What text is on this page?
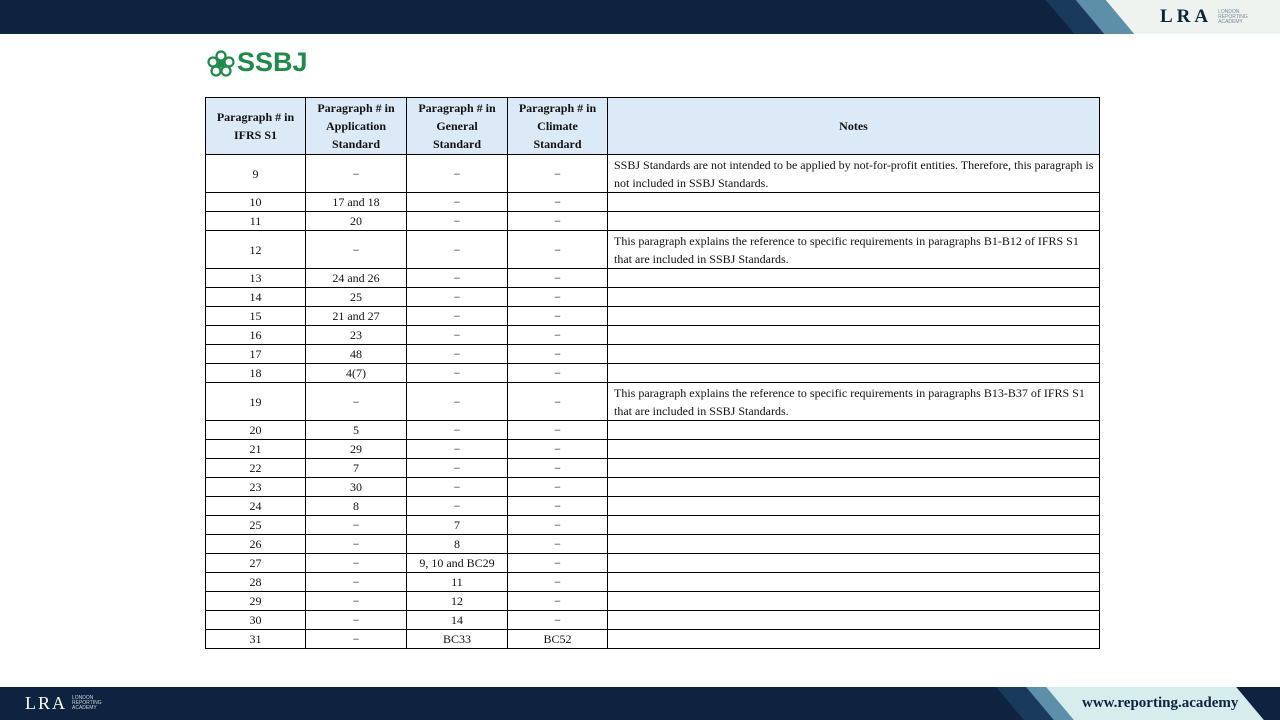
LRA LONDON REPORTING ACADEMY
SSBJ
Paragraph # in IFRS S1	Paragraph # in Application Standard	Paragraph # in General Standard	Paragraph # in Climate Standard	Notes
9	−	−	−	SSBJ Standards are not intended to be applied by not-for-profit entities. Therefore, this paragraph is not included in SSBJ Standards.
10	17 and 18	−	−	
11	20	−	−	
12	−	−	−	This paragraph explains the reference to specific requirements in paragraphs B1-B12 of IFRS S1 that are included in SSBJ Standards.
13	24 and 26	−	−	
14	25	−	−	
15	21 and 27	−	−	
16	23	−	−	
17	48	−	−	
18	4(7)	−	−	
19	−	−	−	This paragraph explains the reference to specific requirements in paragraphs B13-B37 of IFRS S1 that are included in SSBJ Standards.
20	5	−	−	
21	29	−	−	
22	7	−	−	
23	30	−	−	
24	8	−	−	
25	−	7	−	
26	−	8	−	
27	−	9, 10 and BC29	−	
28	−	11	−	
29	−	12	−	
30	−	14	−	
31	−	BC33	BC52	
LRA LONDON REPORTING ACADEMY	www.reporting.academy
